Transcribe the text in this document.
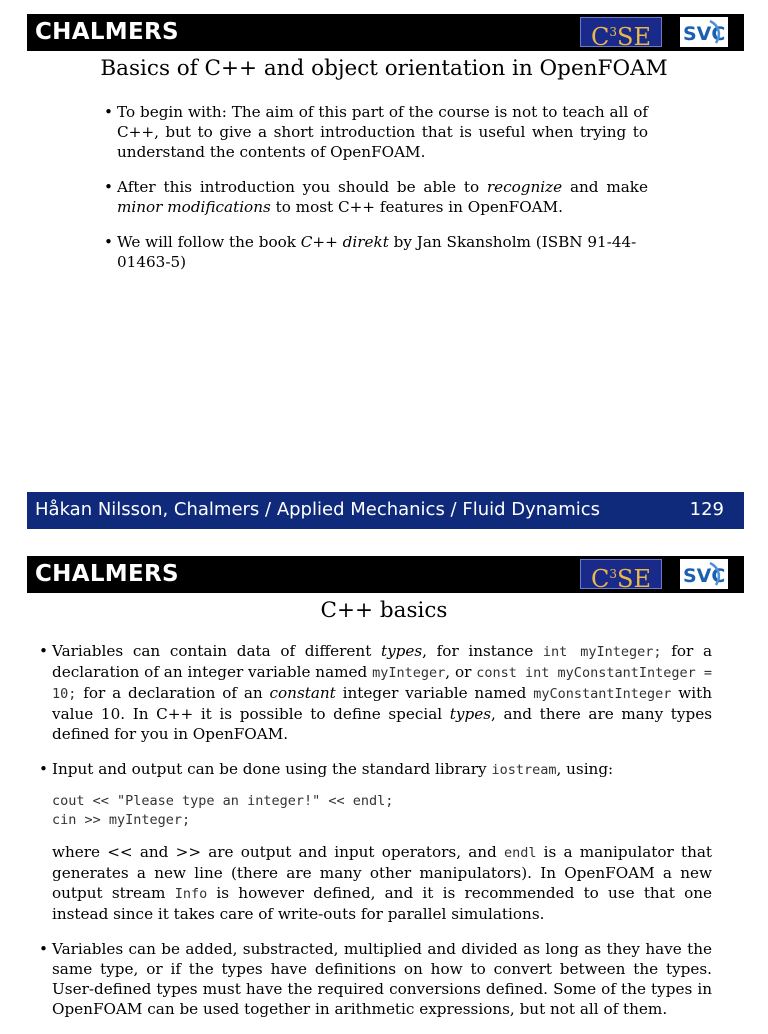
CHALMERS	$C^3SE$	SVC
Basics of C++ and object orientation in OpenFOAM
• To begin with: The aim of this part of the course is not to teach all of C++, but to give a short introduction that is useful when trying to understand the contents of OpenFOAM.
• After this introduction you should be able to recognize and make minor modifications to most C++ features in OpenFOAM.
• We will follow the book C++ direkt by Jan Skansholm (ISBN 91-44-01463-5)
Håkan Nilsson, Chalmers / Applied Mechanics / Fluid Dynamics	129
CHALMERS	$C^3SE$	SVC
C++ basics
• Variables can contain data of different types, for instance int myInteger; for a declaration of an integer variable named myInteger, or const int myConstantInteger = 10; for a declaration of an constant integer variable named myConstantInteger with value 10. In C++ it is possible to define special types, and there are many types defined for you in OpenFOAM.
• Input and output can be done using the standard library iostream, using:
cout << "Please type an integer!" << endl;
cin >> myInteger;
where << and >> are output and input operators, and endl is a manipulator that generates a new line (there are many other manipulators). In OpenFOAM a new output stream Info is however defined, and it is recommended to use that one instead since it takes care of write-outs for parallel simulations.
• Variables can be added, substracted, multiplied and divided as long as they have the same type, or if the types have definitions on how to convert between the types. User-defined types must have the required conversions defined. Some of the types in OpenFOAM can be used together in arithmetic expressions, but not all of them.
